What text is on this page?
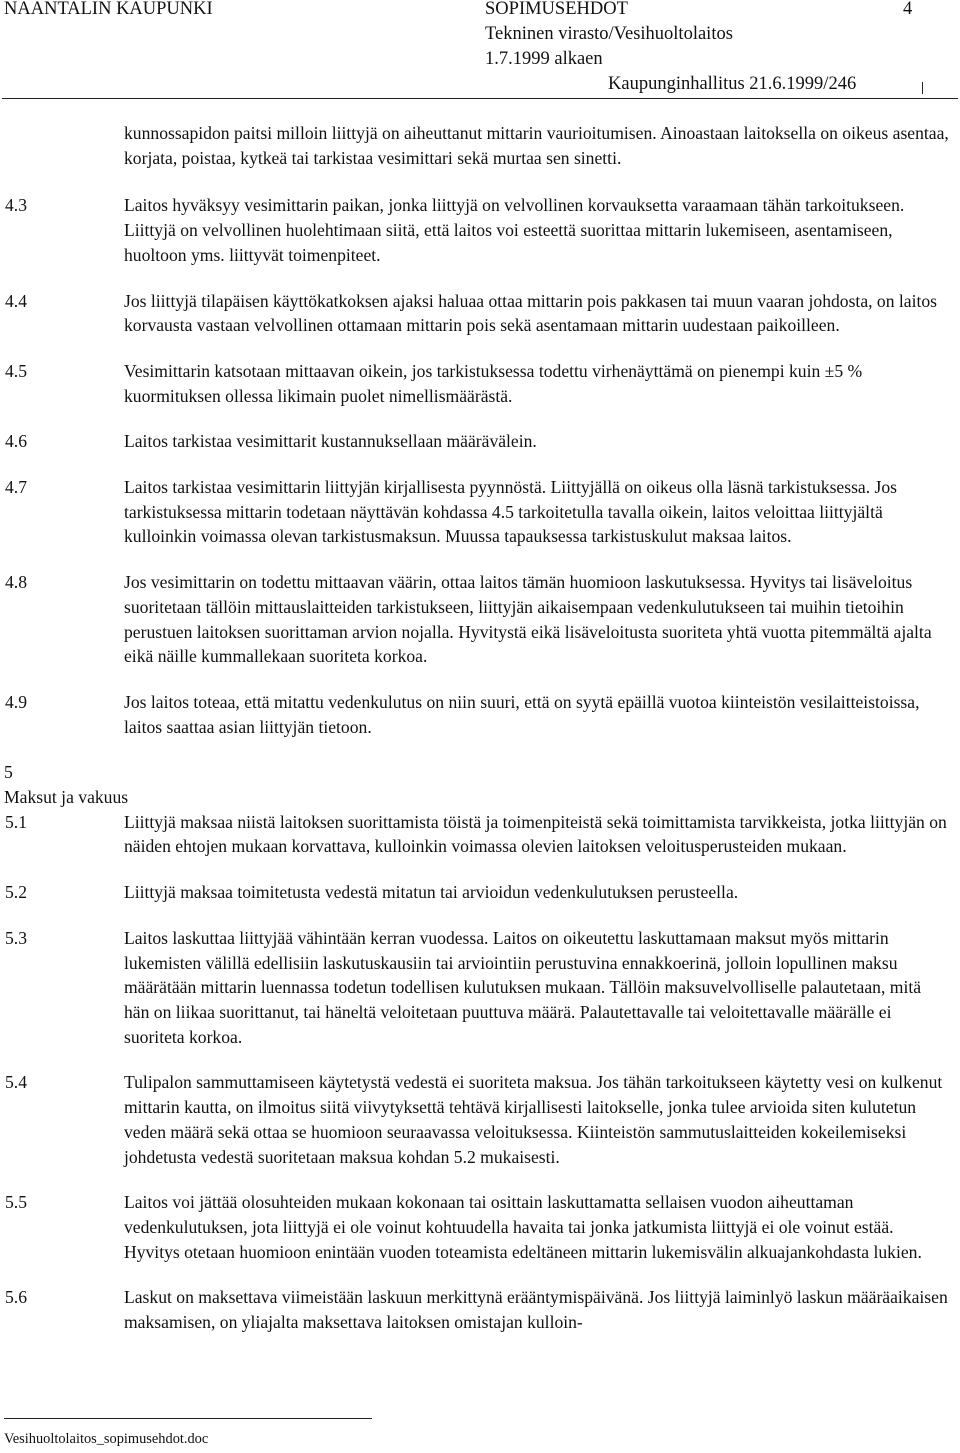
NAANTALIN KAUPUNKI	SOPIMUSEHDOT
Tekninen virasto/Vesihuoltolaitos
1.7.1999 alkaen
4
Kaupunginhallitus 21.6.1999/246
kunnossapidon paitsi milloin liittyjä on aiheuttanut mittarin vaurioitumisen. Ainoastaan laitoksella on oikeus asentaa, korjata, poistaa, kytkeä tai tarkistaa vesimittari sekä murtaa sen sinetti.
4.3	Laitos hyväksyy vesimittarin paikan, jonka liittyjä on velvollinen korvauksetta varaamaan tähän tarkoitukseen. Liittyjä on velvollinen huolehtimaan siitä, että laitos voi esteettä suorittaa mittarin lukemiseen, asentamiseen, huoltoon yms. liittyvät toimenpiteet.
4.4	Jos liittyjä tilapäisen käyttökatkoksen ajaksi haluaa ottaa mittarin pois pakkasen tai muun vaaran johdosta, on laitos korvausta vastaan velvollinen ottamaan mittarin pois sekä asentamaan mittarin uudestaan paikoilleen.
4.5	Vesimittarin katsotaan mittaavan oikein, jos tarkistuksessa todettu virhenäyttämä on pienempi kuin ±5 % kuormituksen ollessa likimain puolet nimellismäärästä.
4.6	Laitos tarkistaa vesimittarit kustannuksellaan määrävälein.
4.7	Laitos tarkistaa vesimittarin liittyjän kirjallisesta pyynnöstä. Liittyjällä on oikeus olla läsnä tarkistuksessa. Jos tarkistuksessa mittarin todetaan näyttävän kohdassa 4.5 tarkoitetulla tavalla oikein, laitos veloittaa liittyjältä kulloinkin voimassa olevan tarkistusmaksun. Muussa tapauksessa tarkistuskulut maksaa laitos.
4.8	Jos vesimittarin on todettu mittaavan väärin, ottaa laitos tämän huomioon laskutuksessa. Hyvitys tai lisäveloitus suoritetaan tällöin mittauslaitteiden tarkistukseen, liittyjän aikaisempaan vedenkulutukseen tai muihin tietoihin perustuen laitoksen suorittaman arvion nojalla. Hyvitystä eikä lisäveloitusta suoriteta yhtä vuotta pitemmältä ajalta eikä näille kummallekaan suoriteta korkoa.
4.9	Jos laitos toteaa, että mitattu vedenkulutus on niin suuri, että on syytä epäillä vuotoa kiinteistön vesilaitteistoissa, laitos saattaa asian liittyjän tietoon.
5
Maksut ja vakuus
5.1	Liittyjä maksaa niistä laitoksen suorittamista töistä ja toimenpiteistä sekä toimittamista tarvikkeista, jotka liittyjän on näiden ehtojen mukaan korvattava, kulloinkin voimassa olevien laitoksen veloitusperusteiden mukaan.
5.2	Liittyjä maksaa toimitetusta vedestä mitatun tai arvioidun vedenkulutuksen perusteella.
5.3	Laitos laskuttaa liittyjää vähintään kerran vuodessa. Laitos on oikeutettu laskuttamaan maksut myös mittarin lukemisten välillä edellisiin laskutuskausiin tai arviointiin perustuvina ennakkoerinä, jolloin lopullinen maksu määrätään mittarin luennassa todetun todellisen kulutuksen mukaan. Tällöin maksuvelvolliselle palautetaan, mitä hän on liikaa suorittanut, tai häneltä veloitetaan puuttuva määrä. Palautettavalle tai veloitettavalle määrälle ei suoriteta korkoa.
5.4	Tulipalon sammuttamiseen käytetystä vedestä ei suoriteta maksua. Jos tähän tarkoitukseen käytetty vesi on kulkenut mittarin kautta, on ilmoitus siitä viivytyksettä tehtävä kirjallisesti laitokselle, jonka tulee arvioida siten kulutetun veden määrä sekä ottaa se huomioon seuraavassa veloituksessa. Kiinteistön sammutuslaitteiden kokeilemiseksi johdetusta vedestä suoritetaan maksua kohdan 5.2 mukaisesti.
5.5	Laitos voi jättää olosuhteiden mukaan kokonaan tai osittain laskuttamatta sellaisen vuodon aiheuttaman vedenkulutuksen, jota liittyjä ei ole voinut kohtuudella havaita tai jonka jatkumista liittyjä ei ole voinut estää. Hyvitys otetaan huomioon enintään vuoden toteamista edeltäneen mittarin lukemisvälin alkuajankohdasta lukien.
5.6	Laskut on maksettava viimeistään laskuun merkittynä erääntymispäivänä. Jos liittyjä laiminlyö laskun määräaikaisen maksamisen, on yliajalta maksettava laitoksen omistajan kulloin-
Vesihuoltolaitos_sopimusehdot.doc
